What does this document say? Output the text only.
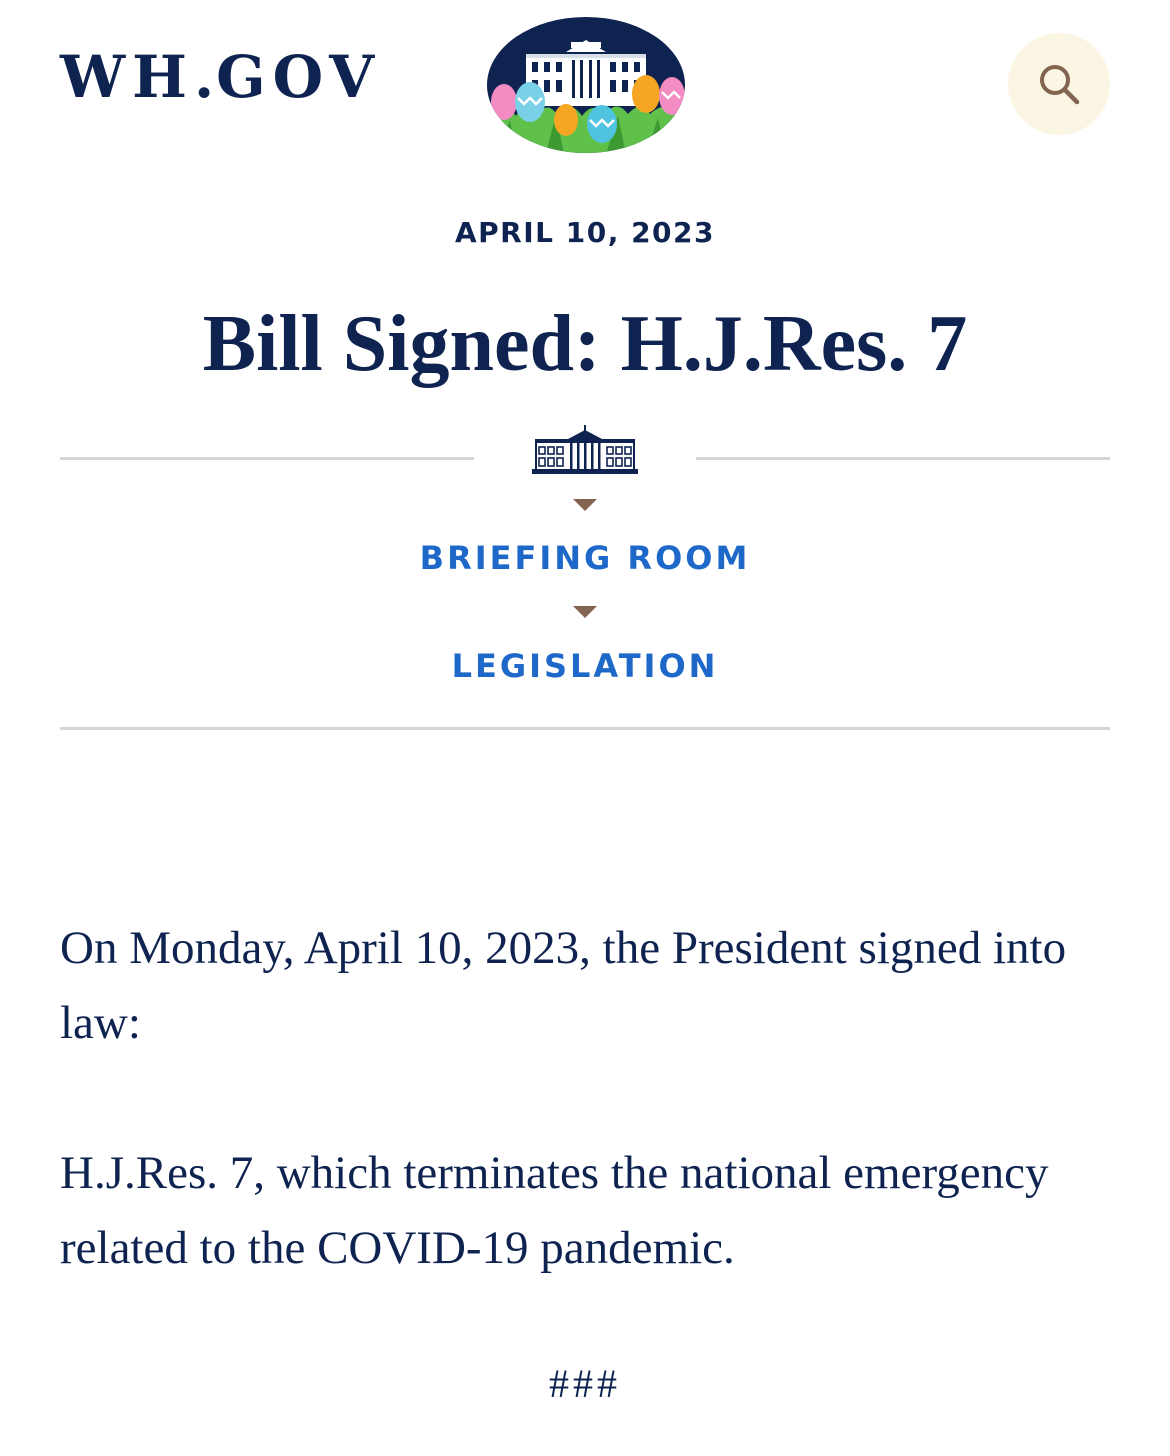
WH.GOV
APRIL 10, 2023
Bill Signed: H.J.Res. 7
BRIEFING ROOM
LEGISLATION

On Monday, April 10, 2023, the President signed into law:

H.J.Res. 7, which terminates the national emergency related to the COVID-19 pandemic.

###
